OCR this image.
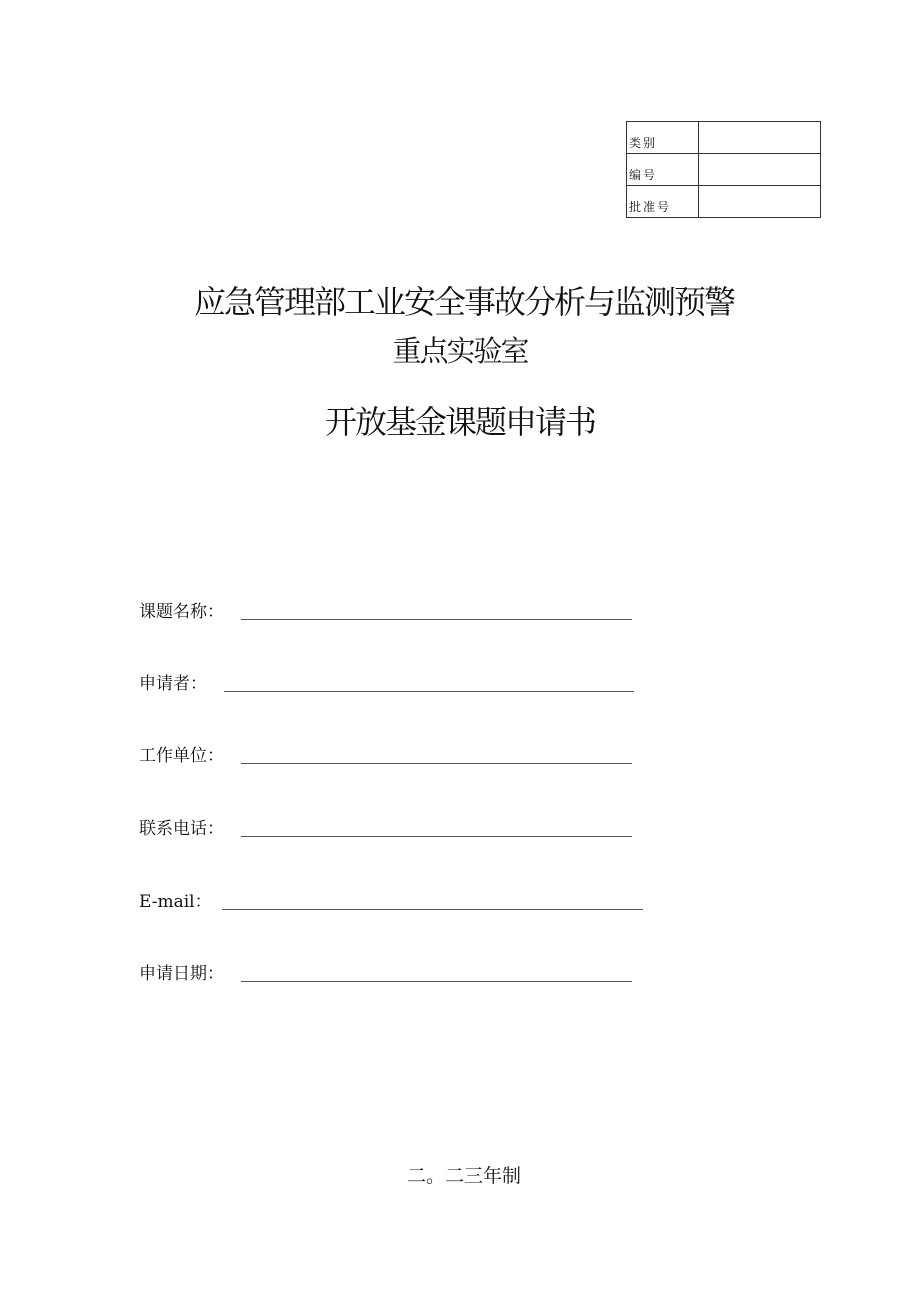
类别	
编号	
批准号	
应急管理部工业安全事故分析与监测预警
重点实验室
开放基金课题申请书
课题名称：
申请者：
工作单位：
联系电话：
E-mail：
申请日期：
二。二三年制
